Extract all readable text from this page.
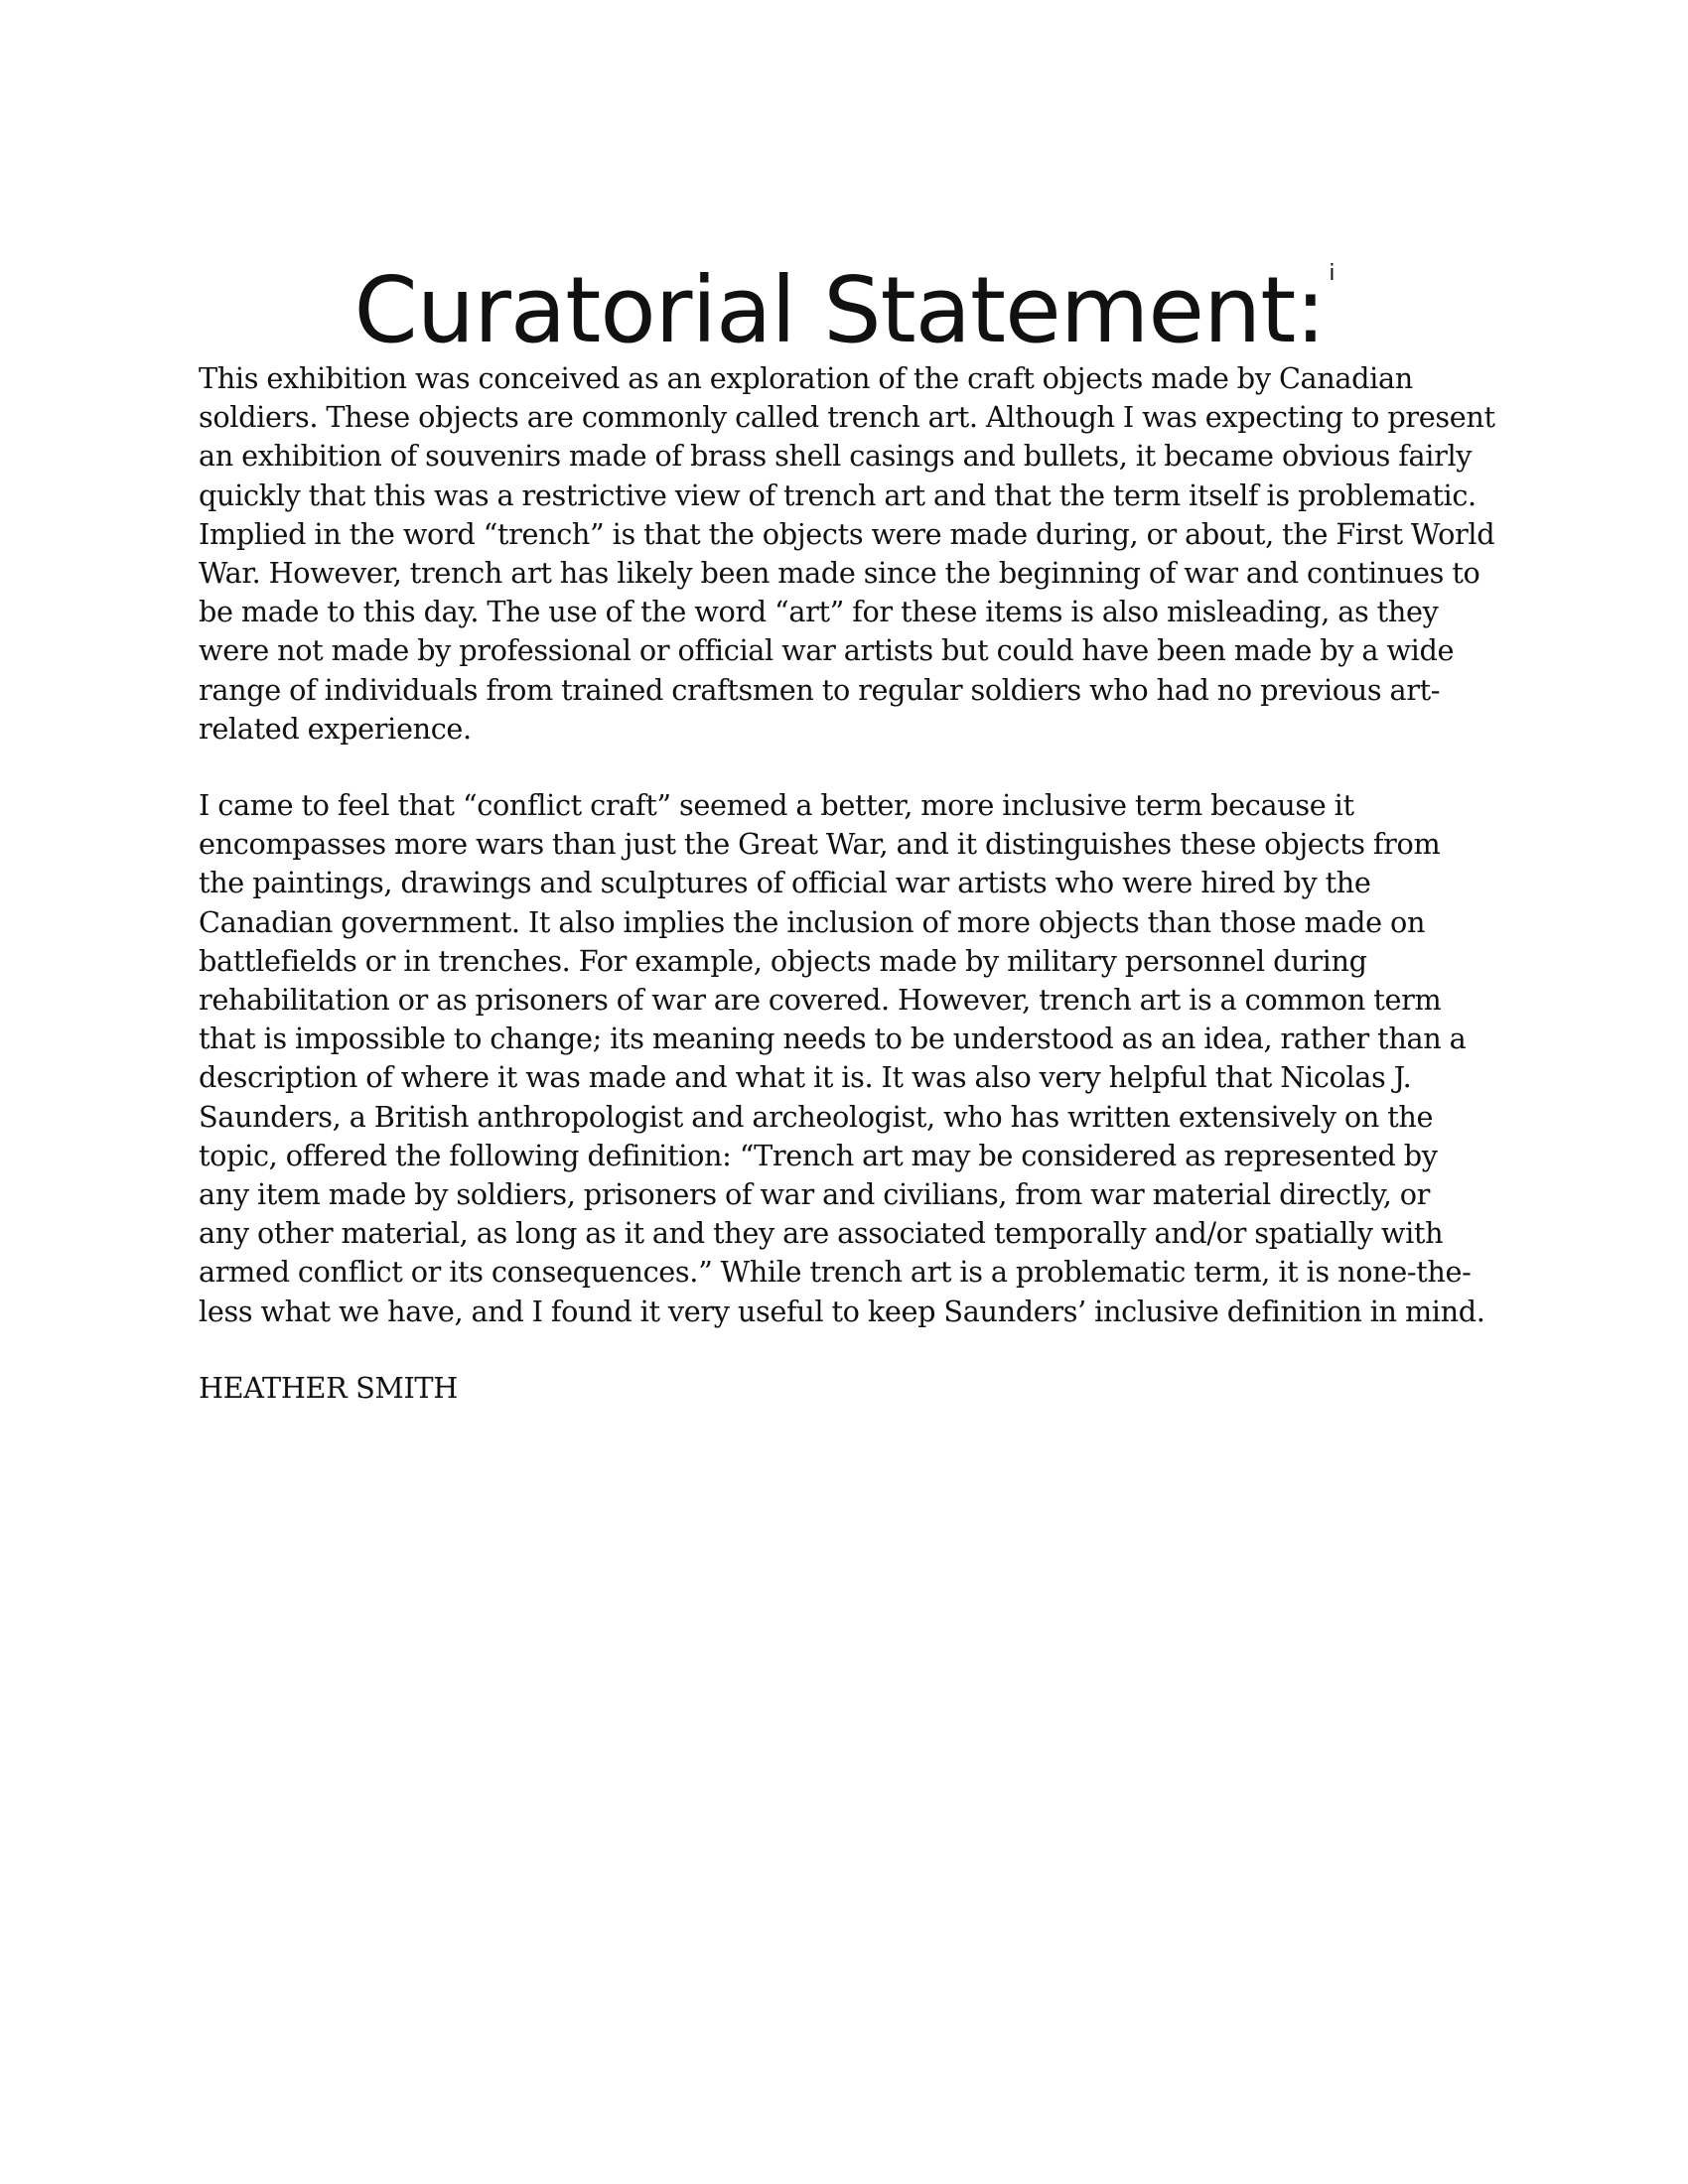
Curatorial Statement: $^i$

This exhibition was conceived as an exploration of the craft objects made by Canadian
soldiers. These objects are commonly called trench art. Although I was expecting to present
an exhibition of souvenirs made of brass shell casings and bullets, it became obvious fairly
quickly that this was a restrictive view of trench art and that the term itself is problematic.
Implied in the word “trench” is that the objects were made during, or about, the First World
War. However, trench art has likely been made since the beginning of war and continues to
be made to this day. The use of the word “art” for these items is also misleading, as they
were not made by professional or official war artists but could have been made by a wide
range of individuals from trained craftsmen to regular soldiers who had no previous art-
related experience.

I came to feel that “conflict craft” seemed a better, more inclusive term because it
encompasses more wars than just the Great War, and it distinguishes these objects from
the paintings, drawings and sculptures of official war artists who were hired by the
Canadian government. It also implies the inclusion of more objects than those made on
battlefields or in trenches. For example, objects made by military personnel during
rehabilitation or as prisoners of war are covered. However, trench art is a common term
that is impossible to change; its meaning needs to be understood as an idea, rather than a
description of where it was made and what it is. It was also very helpful that Nicolas J.
Saunders, a British anthropologist and archeologist, who has written extensively on the
topic, offered the following definition: “Trench art may be considered as represented by
any item made by soldiers, prisoners of war and civilians, from war material directly, or
any other material, as long as it and they are associated temporally and/or spatially with
armed conflict or its consequences.” While trench art is a problematic term, it is none-the-
less what we have, and I found it very useful to keep Saunders’ inclusive definition in mind.

HEATHER SMITH
